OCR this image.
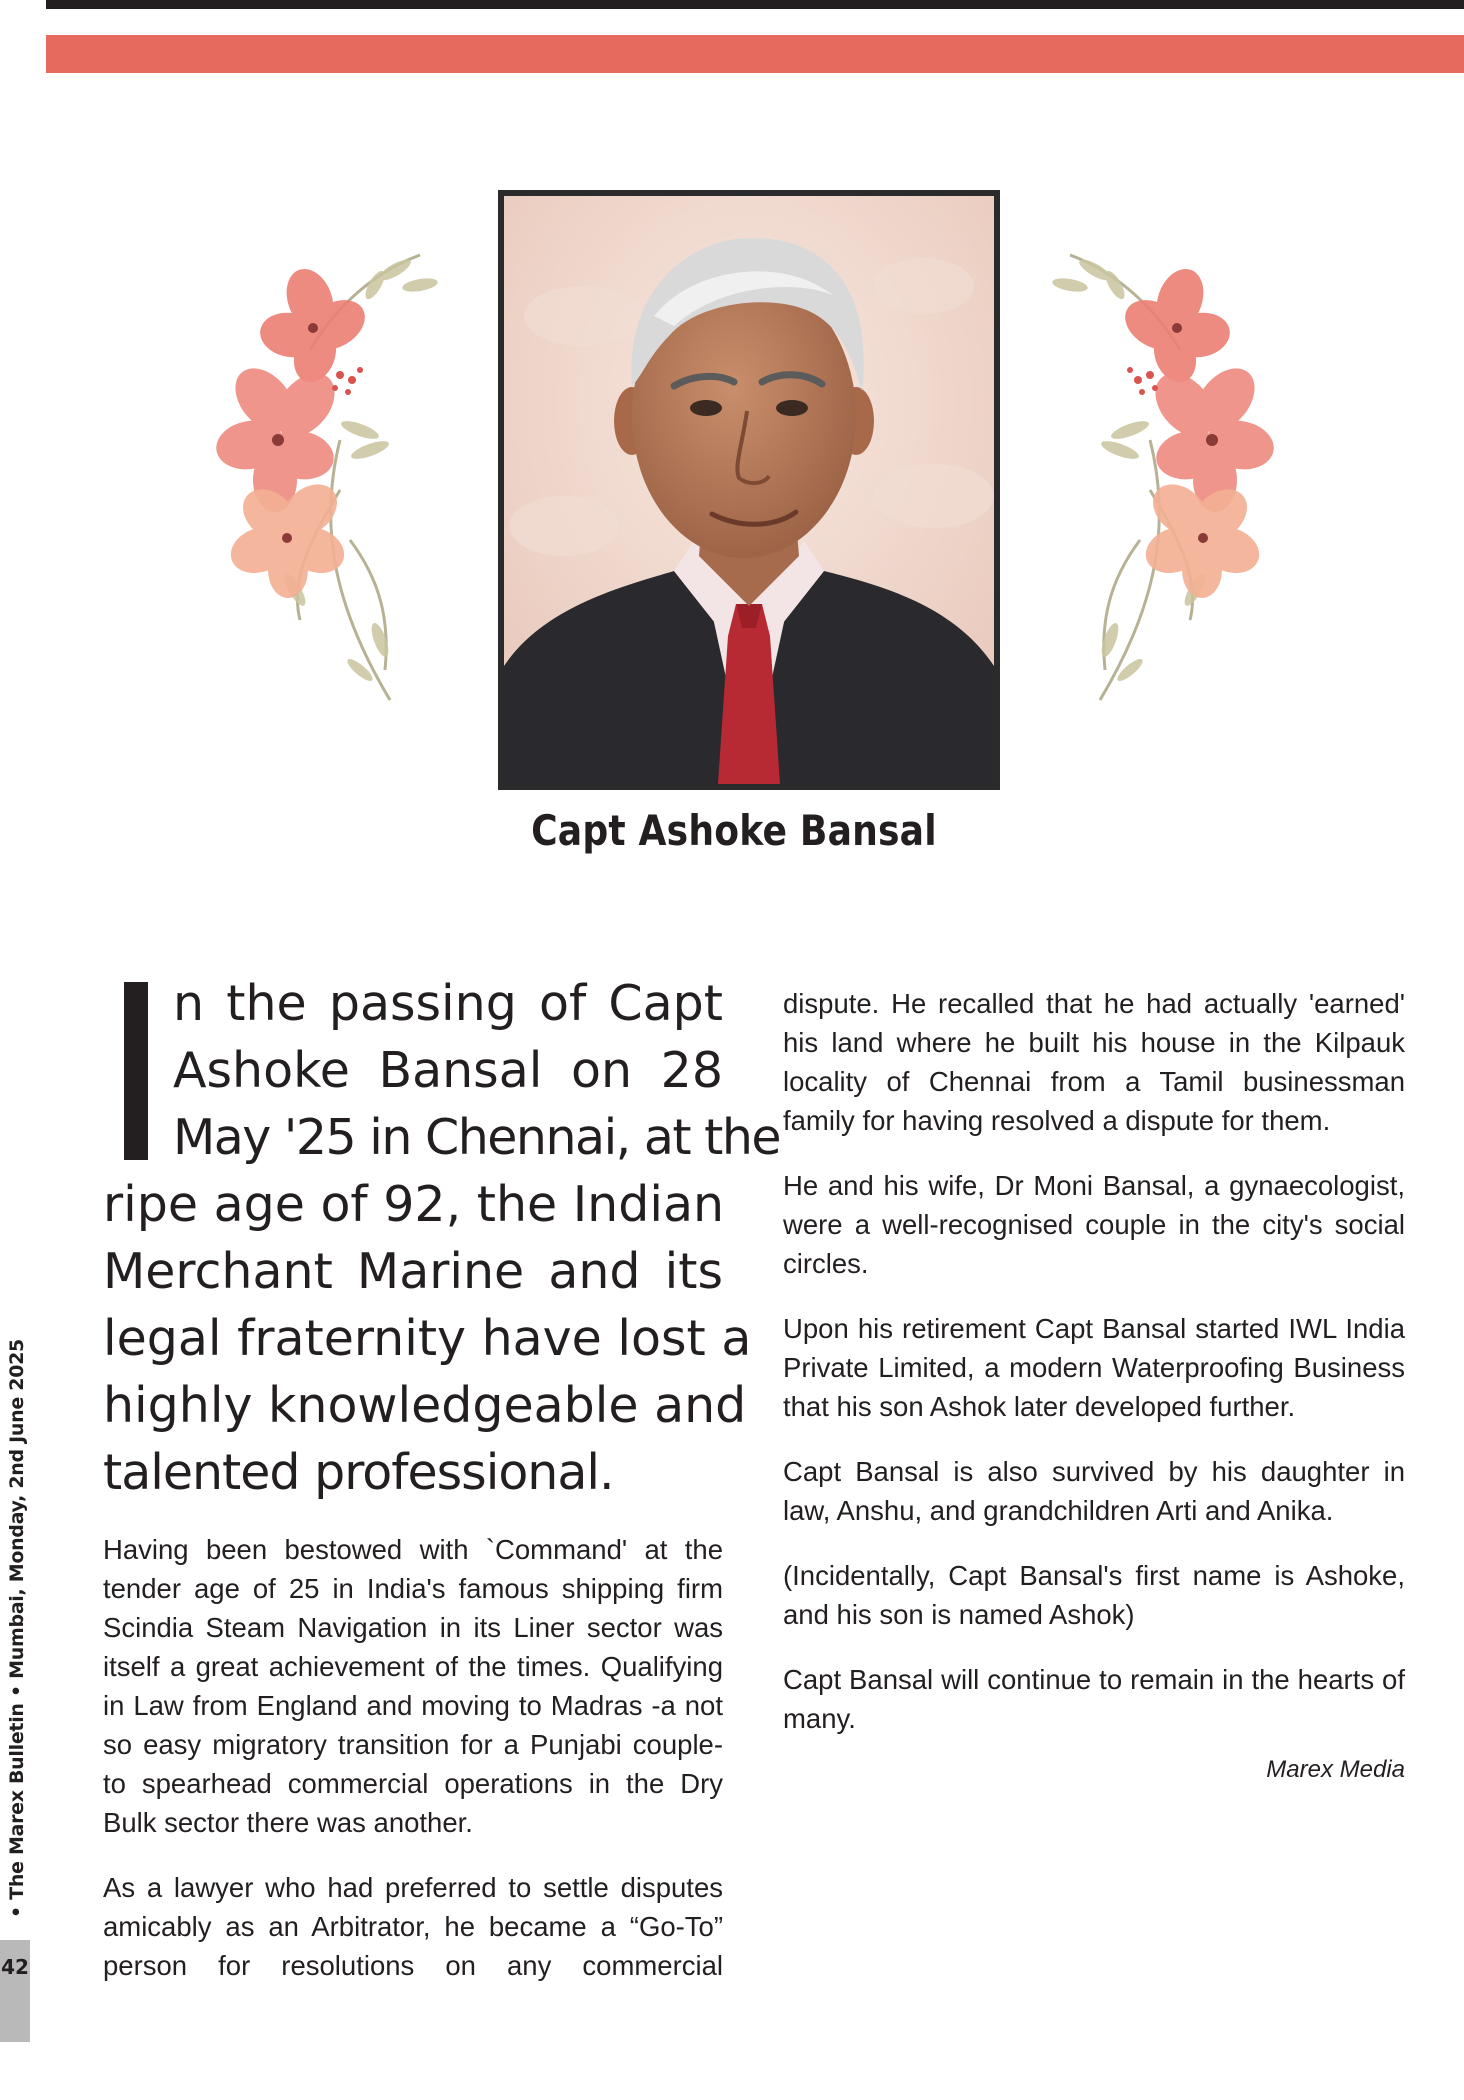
Capt Ashoke Bansal
n the passing of Capt
Ashoke Bansal on 28
May '25 in Chennai, at the
ripe age of 92, the Indian
Merchant Marine and its
legal fraternity have lost a
highly knowledgeable and
talented professional.

Having been bestowed with `Command' at the tender age of 25 in India's famous shipping firm Scindia Steam Navigation in its Liner sector was itself a great achievement of the times. Qualifying in Law from England and moving to Madras -a not so easy migratory transition for a Punjabi couple- to spearhead commercial operations in the Dry Bulk sector there was another.

As a lawyer who had preferred to settle disputes amicably as an Arbitrator, he became a “Go-To” person for resolutions on any commercial

dispute. He recalled that he had actually 'earned' his land where he built his house in the Kilpauk locality of Chennai from a Tamil businessman family for having resolved a dispute for them.

He and his wife, Dr Moni Bansal, a gynaecologist, were a well-recognised couple in the city's social circles.

Upon his retirement Capt Bansal started IWL India Private Limited, a modern Waterproofing Business that his son Ashok later developed further.

Capt Bansal is also survived by his daughter in law, Anshu, and grandchildren Arti and Anika.

(Incidentally, Capt Bansal's first name is Ashoke, and his son is named Ashok)

Capt Bansal will continue to remain in the hearts of many.

Marex Media
• The Marex Bulletin • Mumbai, Monday, 2nd June 2025
42
